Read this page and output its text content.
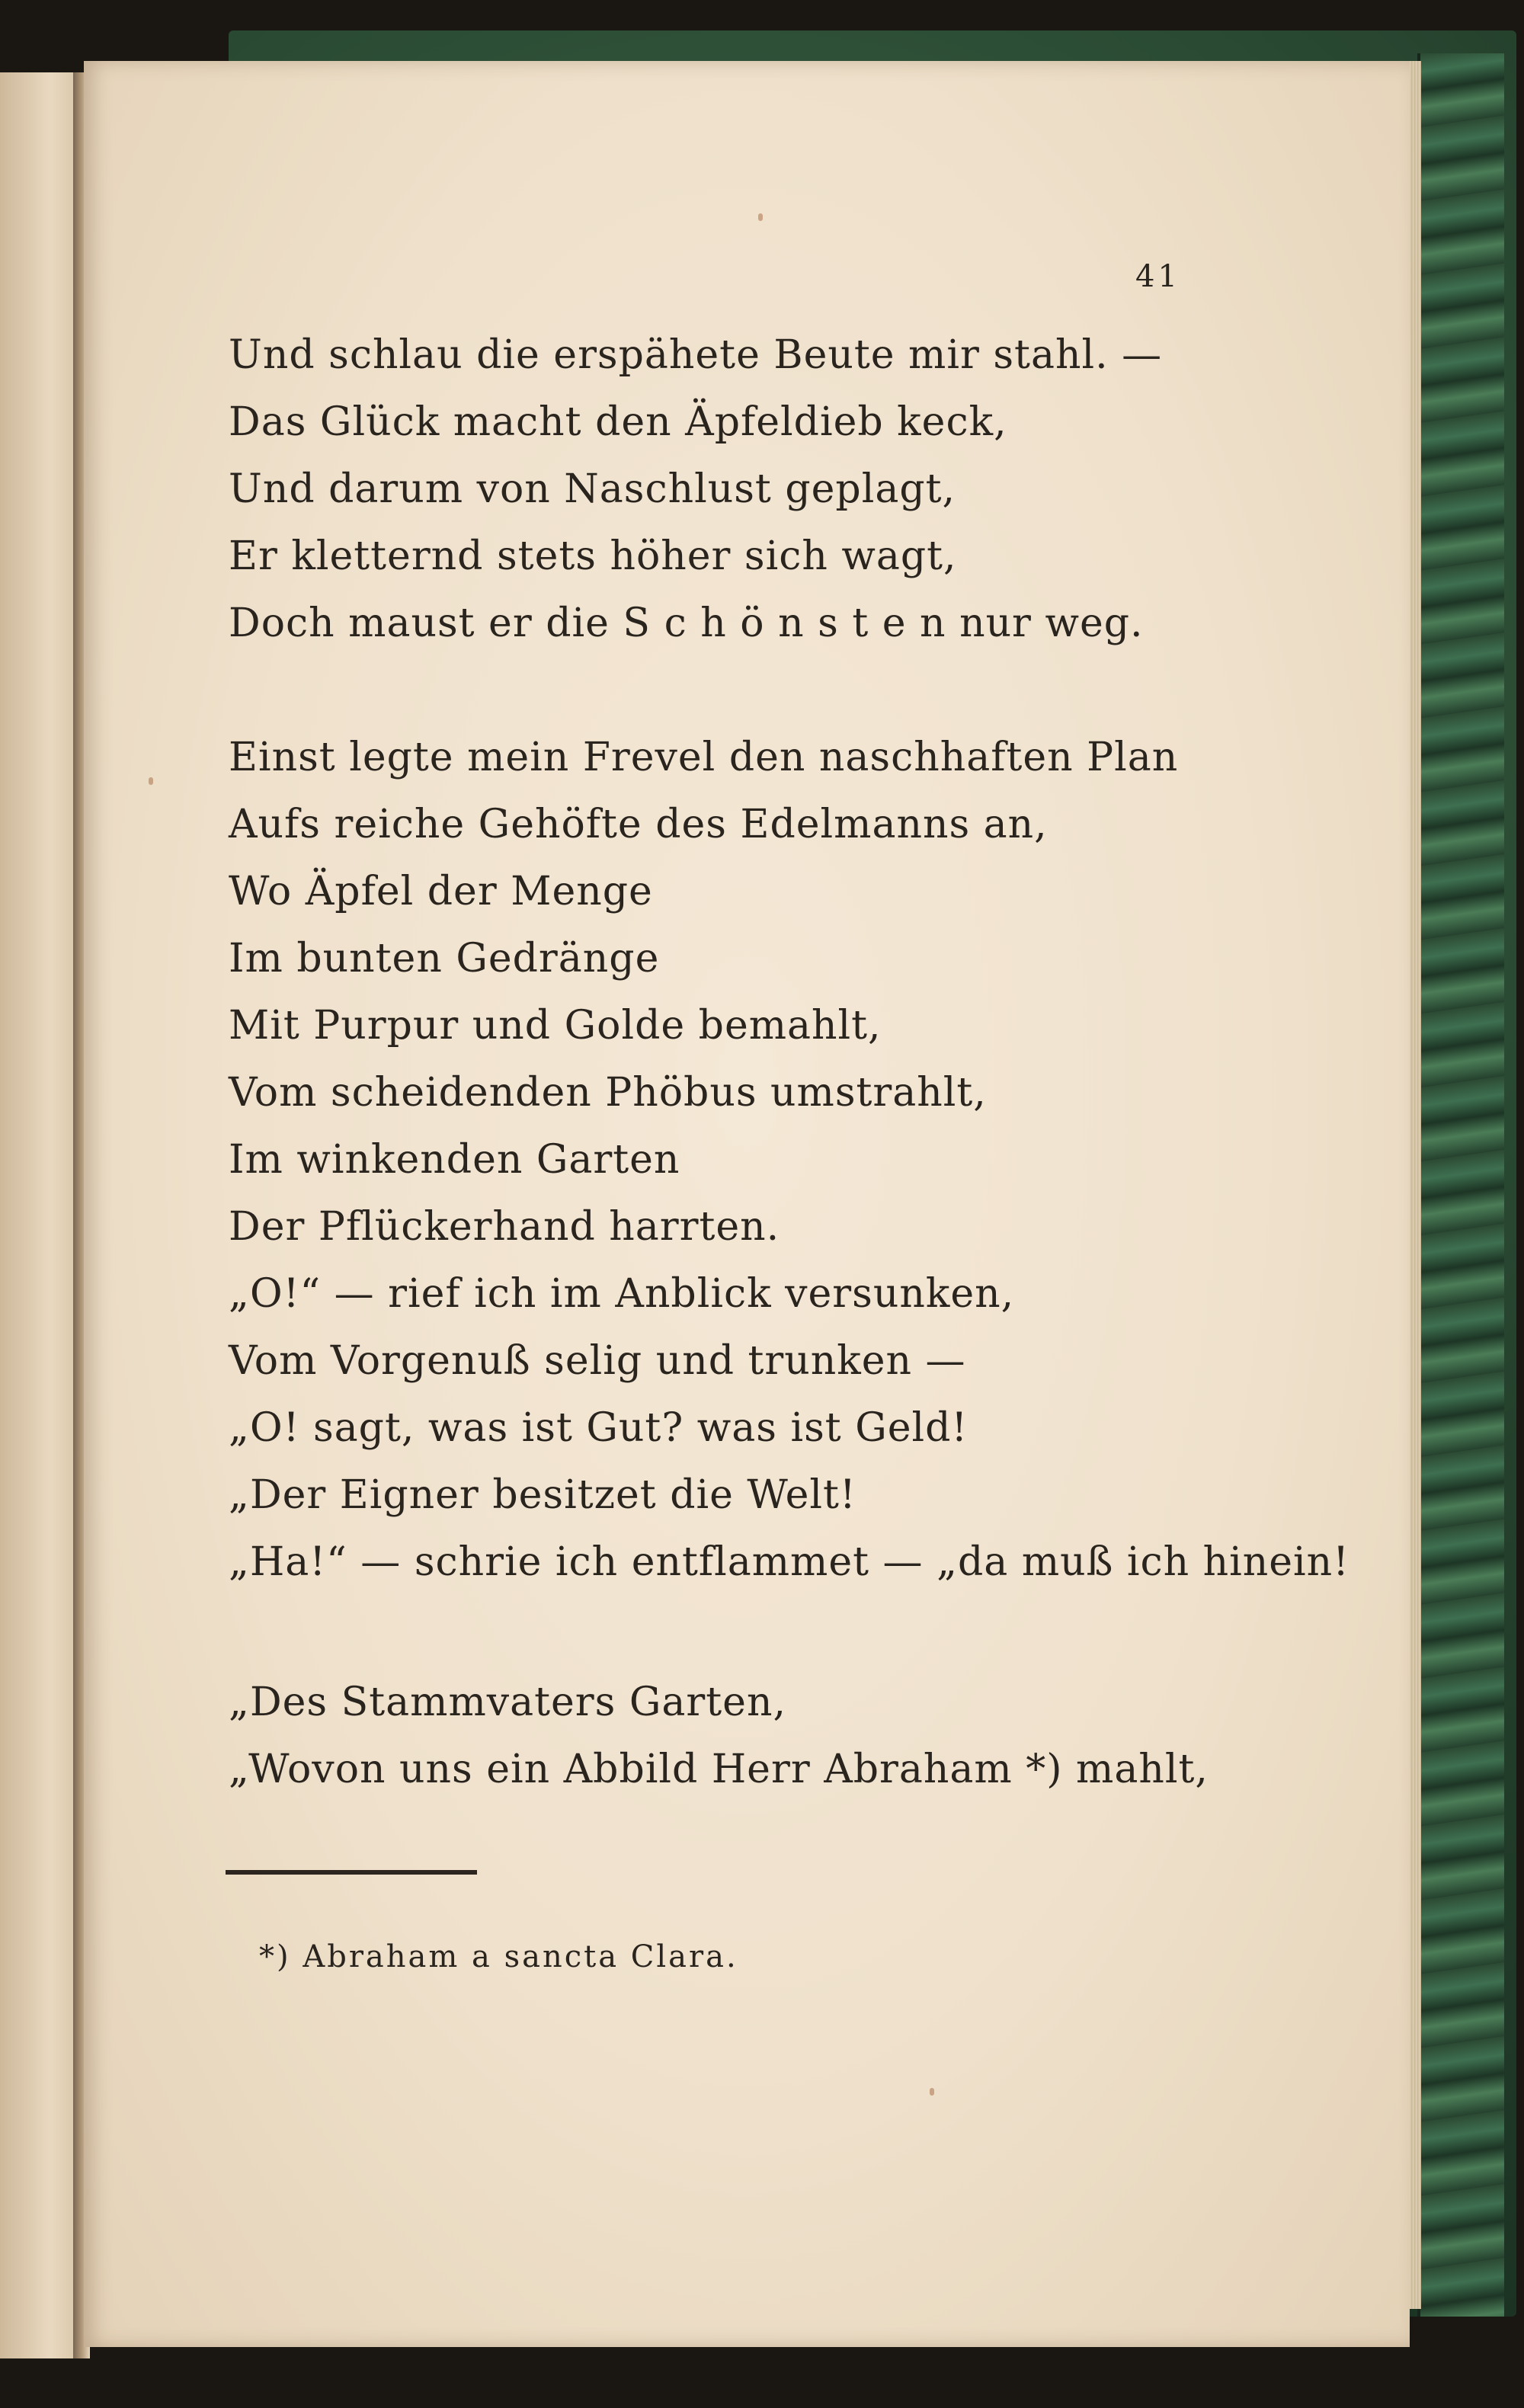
41
Und schlau die erspähete Beute mir stahl. —
Das Glück macht den Äpfeldieb keck,
Und darum von Naschlust geplagt,
Er kletternd stets höher sich wagt,
Doch maust er die S c h ö n s t e n nur weg.
Einst legte mein Frevel den naschhaften Plan
Aufs reiche Gehöfte des Edelmanns an,
Wo Äpfel der Menge
Im bunten Gedränge
Mit Purpur und Golde bemahlt,
Vom scheidenden Phöbus umstrahlt,
Im winkenden Garten
Der Pflückerhand harrten.
„O!“ — rief ich im Anblick versunken,
Vom Vorgenuß selig und trunken —
„O! sagt, was ist Gut? was ist Geld!
„Der Eigner besitzet die Welt!
„Ha!“ — schrie ich entflammet — „da muß ich hinein!
„Des Stammvaters Garten,
„Wovon uns ein Abbild Herr Abraham *) mahlt,
*) Abraham a sancta Clara.
